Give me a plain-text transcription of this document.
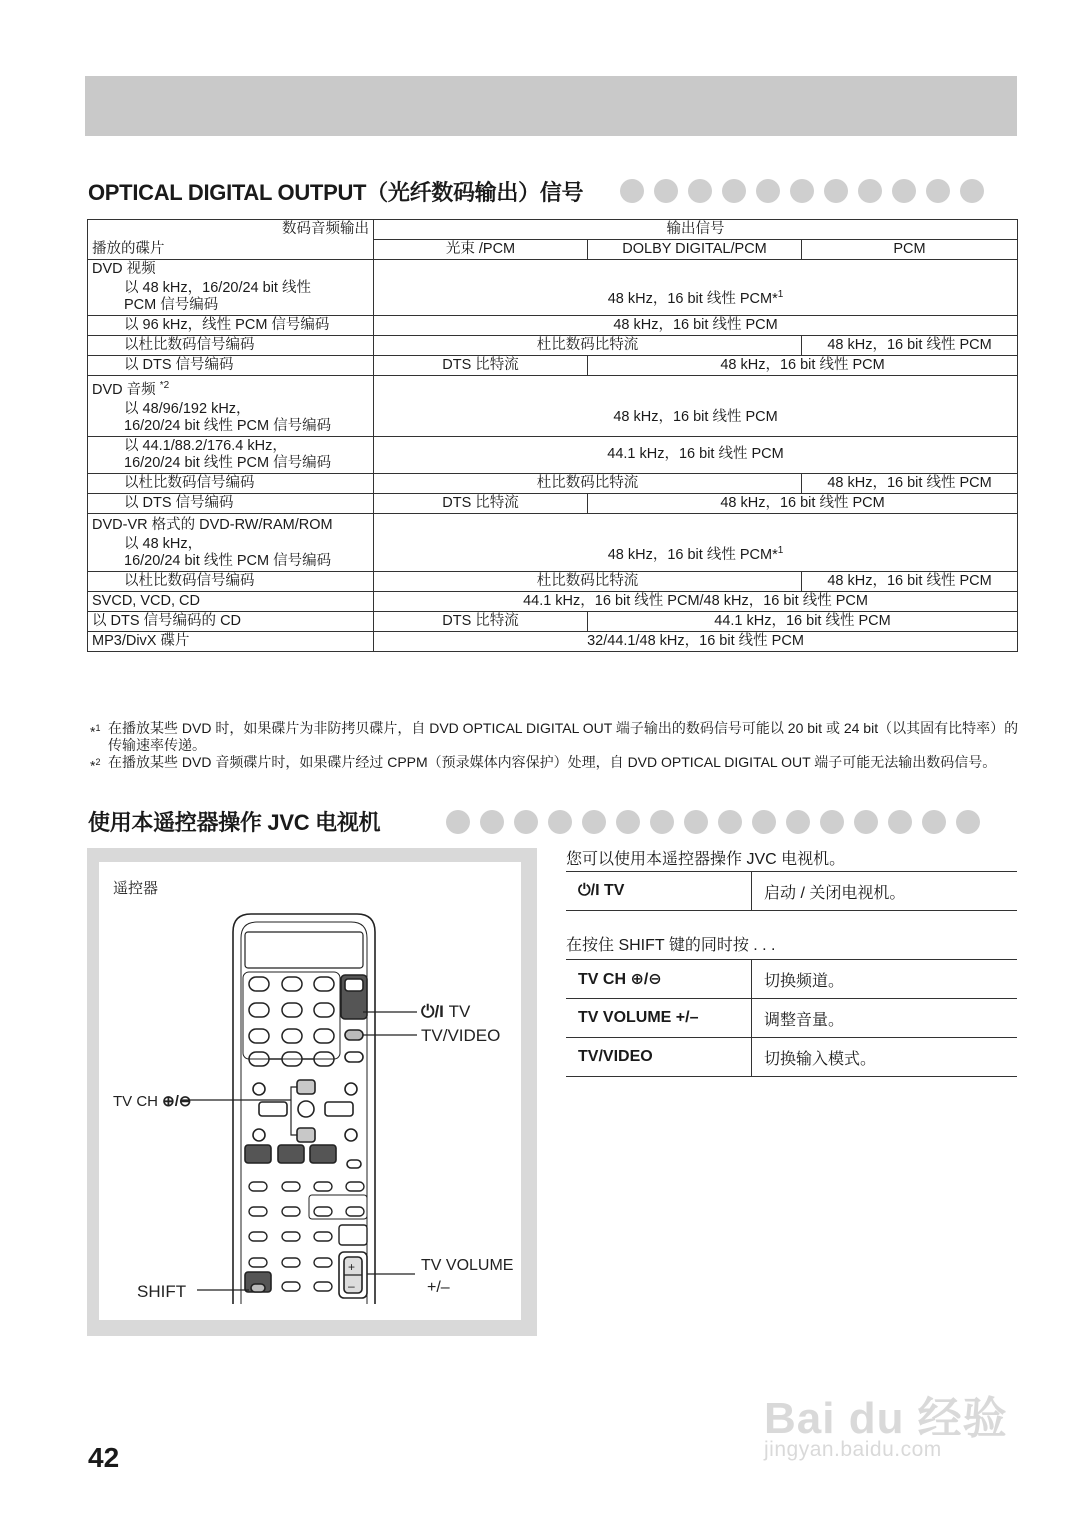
OPTICAL DIGITAL OUTPUT（光纤数码输出）信号
数码音频输出	输出信号		
播放的碟片	光束 /PCM	DOLBY DIGITAL/PCM	PCM
DVD 视频			
以 48 kHz，16/20/24 bit 线性 PCM 信号编码	48 kHz，16 bit 线性 PCM*$^1$
以 96 kHz，线性 PCM 信号编码	48 kHz，16 bit 线性 PCM		
以杜比数码信号编码	杜比数码比特流		48 kHz，16 bit 线性 PCM
以 DTS 信号编码	DTS 比特流	48 kHz，16 bit 线性 PCM	
DVD 音频 $^{*2}$	

以 48/96/192 kHz，
16/20/24 bit 线性 PCM 信号编码	48 kHz，16 bit 线性 PCM		

以 44.1/88.2/176.4 kHz，
16/20/24 bit 线性 PCM 信号编码	44.1 kHz，16 bit 线性 PCM		
以杜比数码信号编码	杜比数码比特流		48 kHz，16 bit 线性 PCM
以 DTS 信号编码	DTS 比特流	48 kHz，16 bit 线性 PCM	
DVD-VR 格式的 DVD-RW/RAM/ROM			

以 48 kHz，
16/20/24 bit 线性 PCM 信号编码	48 kHz，16 bit 线性 PCM*$^1$
以杜比数码信号编码	杜比数码比特流		48 kHz，16 bit 线性 PCM
SVCD, VCD, CD	44.1 kHz，16 bit 线性 PCM/48 kHz，16 bit 线性 PCM		
以 DTS 信号编码的 CD	DTS 比特流	44.1 kHz，16 bit 线性 PCM	
MP3/DivX 碟片	32/44.1/48 kHz，16 bit 线性 PCM		
*$^1$ 在播放某些 DVD 时，如果碟片为非防拷贝碟片，自 DVD OPTICAL DIGITAL OUT 端子输出的数码信号可能以 20 bit 或 24 bit（以其固有比特率）的传输速率传递。
*$^2$ 在播放某些 DVD 音频碟片时，如果碟片经过 CPPM（预录媒体内容保护）处理，自 DVD OPTICAL DIGITAL OUT 端子可能无法输出数码信号。
使用本遥控器操作 JVC 电视机
遥控器
⏻/I TV
TV/VIDEO
TV CH ⊕/⊖
SHIFT
TV VOLUME
+/–
+
–
您可以使用本遥控器操作 JVC 电视机。
⏻/I TV	启动 / 关闭电视机。
在按住 SHIFT 键的同时按 . . .
TV CH ⊕/⊖	切换频道。
TV VOLUME +/–	调整音量。
TV/VIDEO	切换输入模式。
42
Bai du 经验
jingyan.baidu.com
